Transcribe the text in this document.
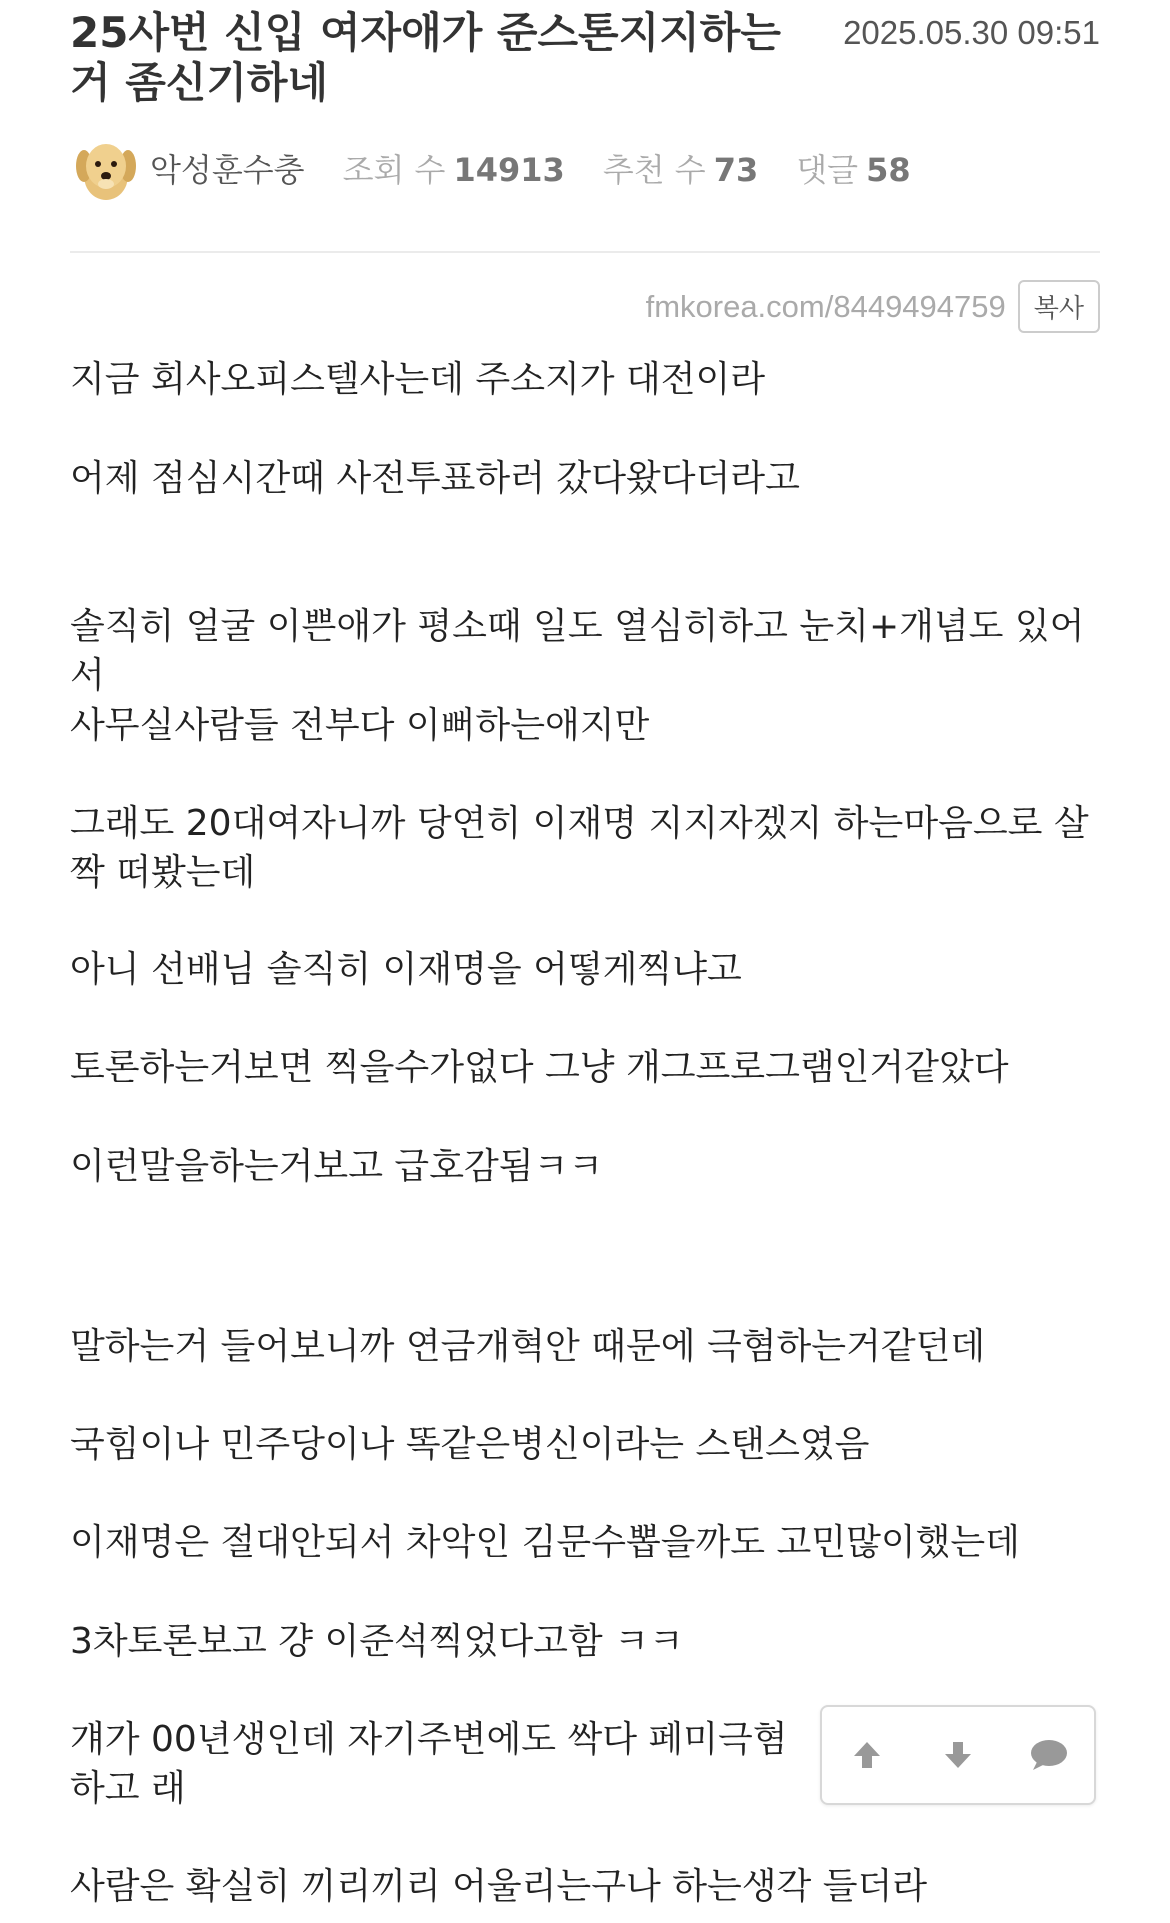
25사번 신입 여자애가 준스톤지지하는거 좀신기하네
2025.05.30 09:51
악성훈수충 조회 수 14913 추천 수 73 댓글 58
fmkorea.com/8449494759	복사

지금 회사오피스텔사는데 주소지가 대전이라

어제 점심시간때 사전투표하러 갔다왔다더라고

솔직히 얼굴 이쁜애가 평소때 일도 열심히하고 눈치+개념도 있어서

사무실사람들 전부다 이뻐하는애지만

그래도 20대여자니까 당연히 이재명 지지자겠지 하는마음으로 살짝 떠봤는데

아니 선배님 솔직히 이재명을 어떻게찍냐고

토론하는거보면 찍을수가없다 그냥 개그프로그램인거같았다

이런말을하는거보고 급호감됨ㅋㅋ

말하는거 들어보니까 연금개혁안 때문에 극혐하는거같던데

국힘이나 민주당이나 똑같은병신이라는 스탠스였음

이재명은 절대안되서 차악인 김문수뽑을까도 고민많이했는데

3차토론보고 걍 이준석찍었다고함 ㅋㅋ

걔가 00년생인데 자기주변에도 싹다 페미극혐하고 래

사람은 확실히 끼리끼리 어울리는구나 하는생각 들더라
